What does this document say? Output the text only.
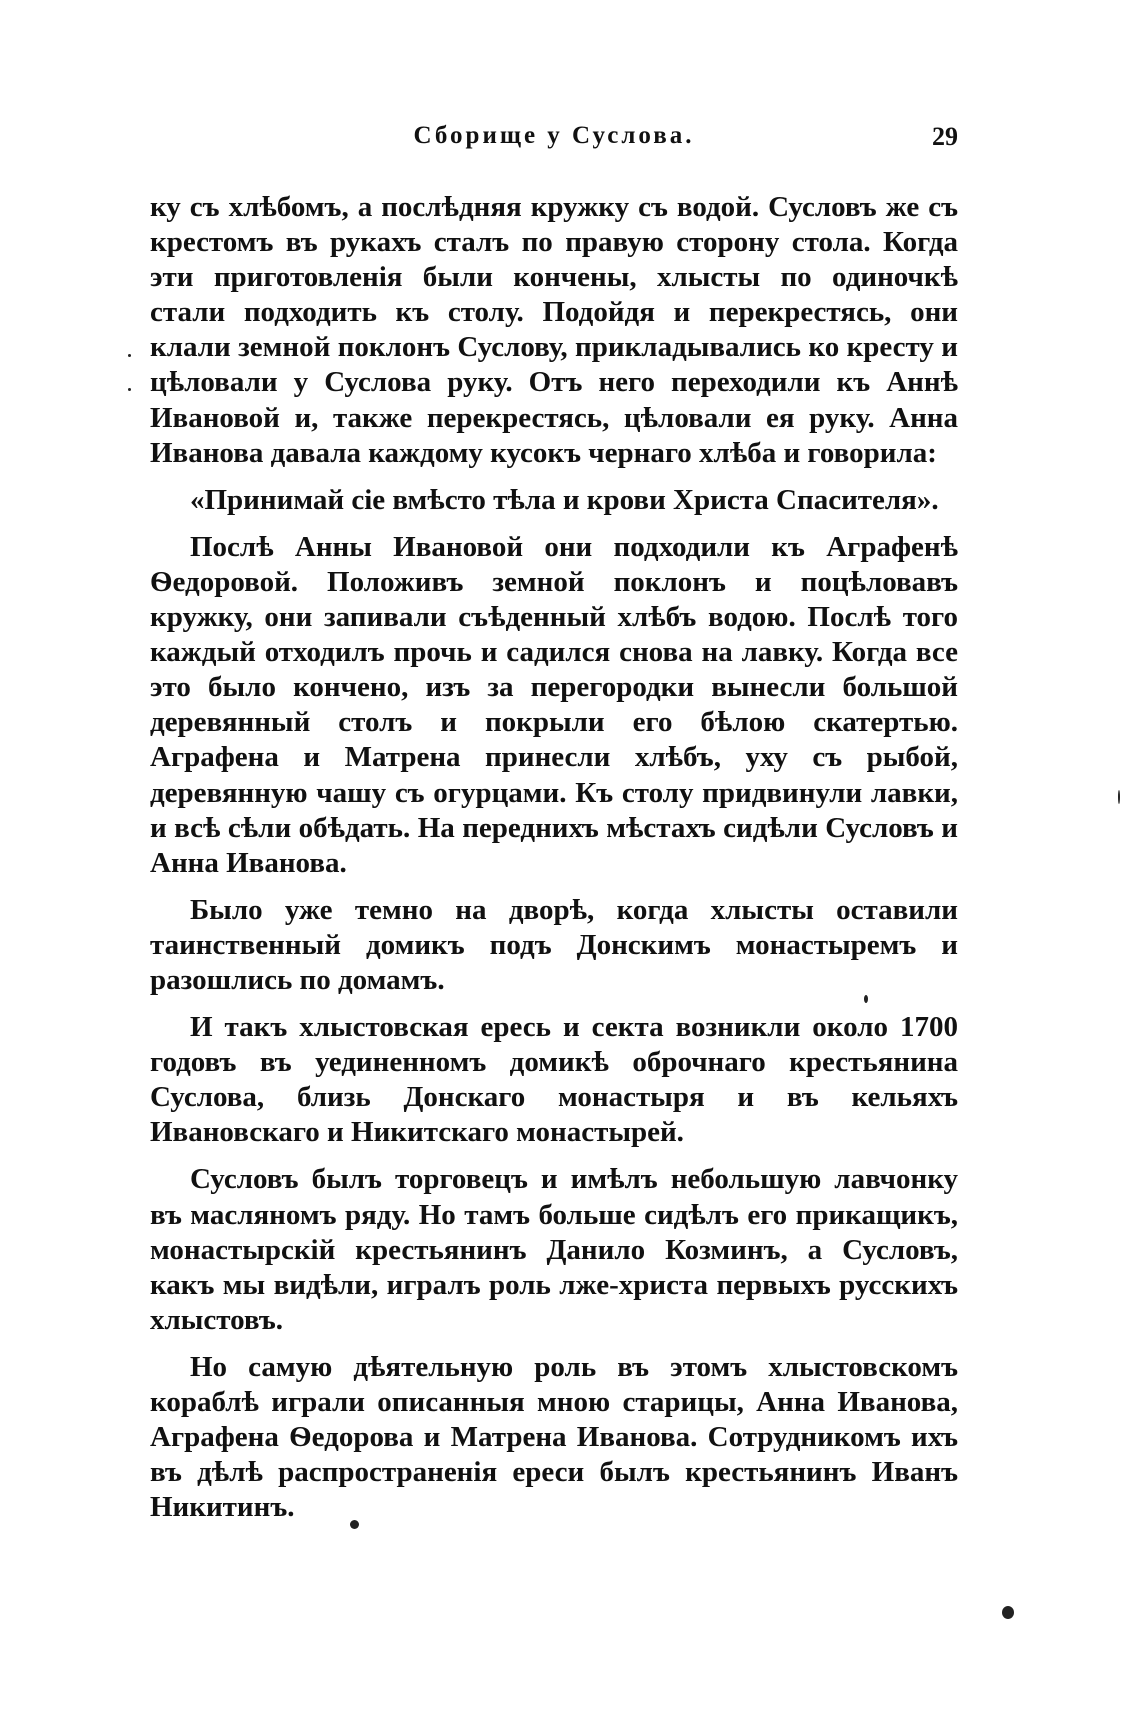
Сборище у Суслова.	29

ку съ хлѣбомъ, а послѣдняя кружку съ водой. Сусловъ же съ крестомъ въ рукахъ сталъ по правую сторону стола. Когда эти приготовленія были кончены, хлысты по одиночкѣ стали подходить къ столу. Подойдя и перекрестясь, они клали земной поклонъ Суслову, прикладывались ко кресту и цѣловали у Суслова руку. Отъ него переходили къ Аннѣ Ивановой и, также перекрестясь, цѣловали ея руку. Анна Иванова давала каждому кусокъ чернаго хлѣба и говорила:

«Принимай сіе вмѣсто тѣла и крови Христа Спасителя».

Послѣ Анны Ивановой они подходили къ Аграфенѣ Ѳедоровой. Положивъ земной поклонъ и поцѣловавъ кружку, они запивали съѣденный хлѣбъ водою. Послѣ того каждый отходилъ прочь и садился снова на лавку. Когда все это было кончено, изъ за перегородки вынесли большой деревянный столъ и покрыли его бѣлою скатертью. Аграфена и Матрена принесли хлѣбъ, уху съ рыбой, деревянную чашу съ огурцами. Къ столу придвинули лавки, и всѣ сѣли обѣдать. На переднихъ мѣстахъ сидѣли Сусловъ и Анна Иванова.

Было уже темно на дворѣ, когда хлысты оставили таинственный домикъ подъ Донскимъ монастыремъ и разошлись по домамъ.

И такъ хлыстовская ересь и секта возникли около 1700 годовъ въ уединенномъ домикѣ оброчнаго крестьянина Суслова, близь Донскаго монастыря и въ кельяхъ Ивановскаго и Никитскаго монастырей.

Сусловъ былъ торговецъ и имѣлъ небольшую лавчонку въ масляномъ ряду. Но тамъ больше сидѣлъ его прикащикъ, монастырскій крестьянинъ Данило Козминъ, а Сусловъ, какъ мы видѣли, игралъ роль лже-христа первыхъ русскихъ хлыстовъ.

Но самую дѣятельную роль въ этомъ хлыстовскомъ кораблѣ играли описанныя мною старицы, Анна Иванова, Аграфена Ѳедорова и Матрена Иванова. Сотрудникомъ ихъ въ дѣлѣ распространенія ереси былъ крестьянинъ Иванъ Никитинъ.
